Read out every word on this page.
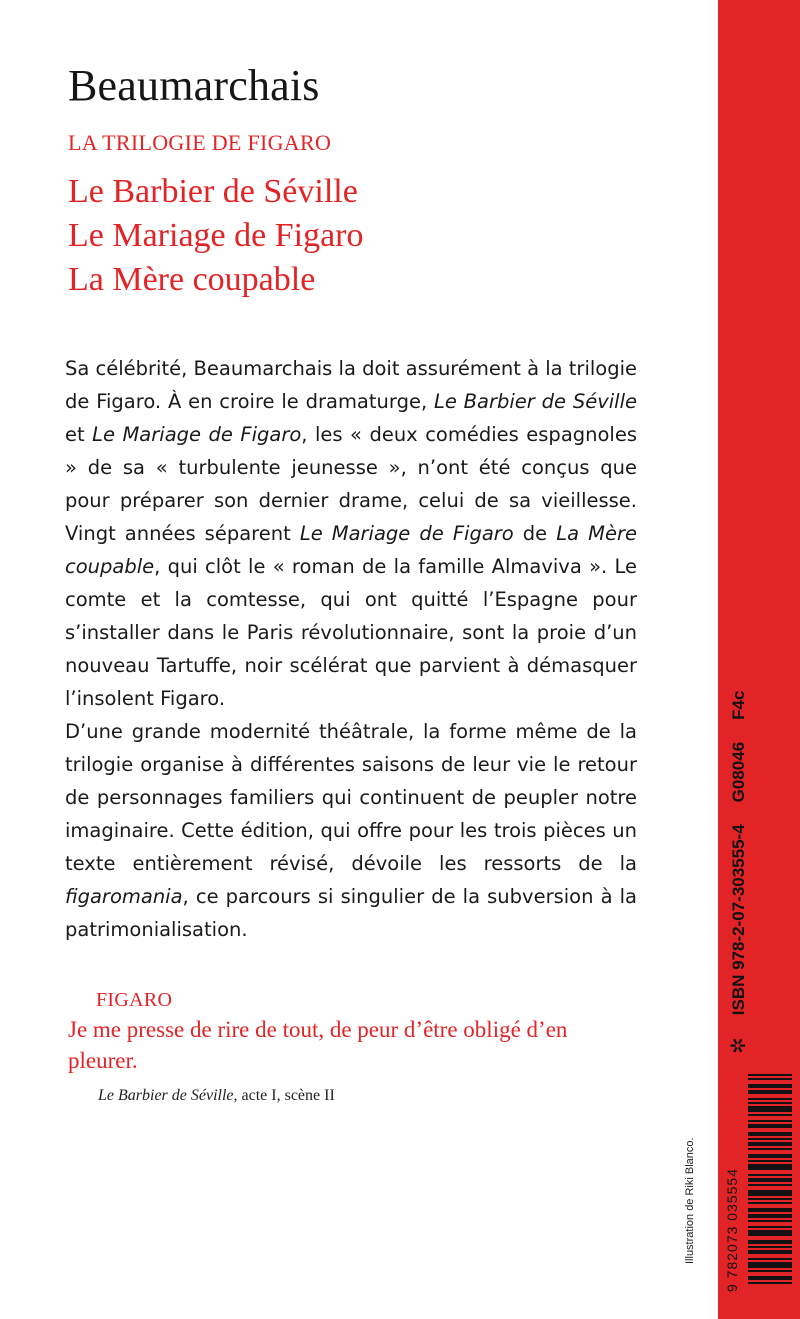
Beaumarchais
LA TRILOGIE DE FIGARO
Le Barbier de Séville
Le Mariage de Figaro
La Mère coupable

Sa célébrité, Beaumarchais la doit assurément à la trilogie de Figaro. À en croire le dramaturge, Le Barbier de Séville et Le Mariage de Figaro, les « deux comédies espagnoles » de sa « turbulente jeunesse », n’ont été conçus que pour préparer son dernier drame, celui de sa vieillesse. Vingt années séparent Le Mariage de Figaro de La Mère coupable, qui clôt le « roman de la famille Almaviva ». Le comte et la comtesse, qui ont quitté l’Espagne pour s’installer dans le Paris révolutionnaire, sont la proie d’un nouveau Tartuffe, noir scélérat que parvient à démasquer l’insolent Figaro.

D’une grande modernité théâtrale, la forme même de la trilogie organise à différentes saisons de leur vie le retour de personnages familiers qui continuent de peupler notre imaginaire. Cette édition, qui offre pour les trois pièces un texte entièrement révisé, dévoile les ressorts de la figaromania, ce parcours si singulier de la subversion à la patrimonialisation.

FIGARO
Je me presse de rire de tout, de peur d’être obligé d’en pleurer.
Le Barbier de Séville, acte I, scène II
Illustration de Riki Blanco. 9 782073 035554
✲
ISBN 978-2-07-303555-4
G08046
F4c
